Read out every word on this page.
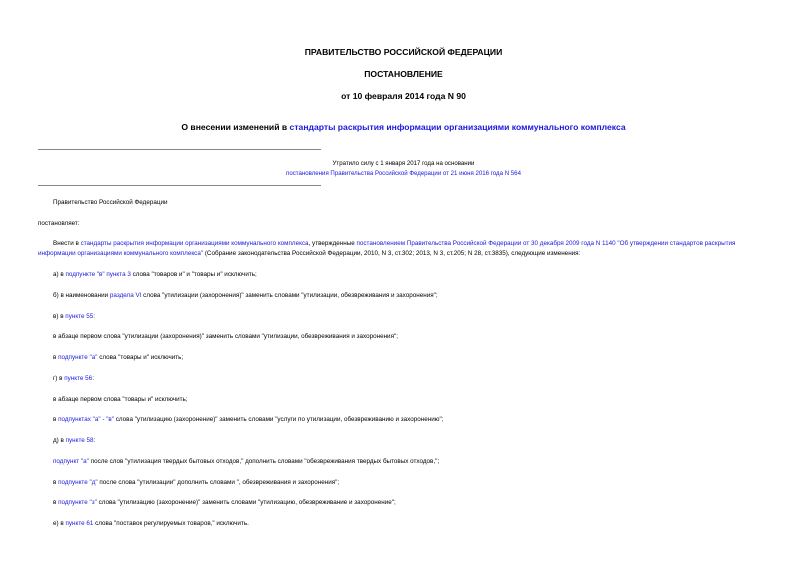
ПРАВИТЕЛЬСТВО РОССИЙСКОЙ ФЕДЕРАЦИИ
ПОСТАНОВЛЕНИЕ
от 10 февраля 2014 года N 90
О внесении изменений в стандарты раскрытия информации организациями коммунального комплекса
Утратило силу с 1 января 2017 года на основании
постановления Правительства Российской Федерации от 21 июня 2016 года N 564
Правительство Российской Федерации
постановляет:
Внести в стандарты раскрытия информации организациями коммунального комплекса, утвержденные постановлением Правительства Российской Федерации от 30 декабря 2009 года N 1140 "Об утверждении стандартов раскрытия информации организациями коммунального комплекса" (Собрание законодательства Российской Федерации, 2010, N 3, ст.302; 2013, N 3, ст.205; N 28, ст.3835), следующие изменения:
а) в подпункте "в" пункта 3 слова "товаров и" и "товары и" исключить;
б) в наименовании раздела VI слова "утилизации (захоронения)" заменить словами "утилизации, обезвреживания и захоронения";
в) в пункте 55:
в абзаце первом слова "утилизации (захоронения)" заменить словами "утилизации, обезвреживания и захоронения";
в подпункте "а" слова "товары и" исключить;
г) в пункте 56:
в абзаце первом слова "товары и" исключить;
в подпунктах "а" - "в" слова "утилизацию (захоронение)" заменить словами "услуги по утилизации, обезвреживанию и захоронению";
д) в пункте 58:
подпункт "а" после слов "утилизация твердых бытовых отходов," дополнить словами "обезвреживания твердых бытовых отходов,";
в подпункте "д" после слова "утилизации" дополнить словами ", обезвреживания и захоронения";
в подпункте "з" слова "утилизацию (захоронение)" заменить словами "утилизацию, обезвреживание и захоронение";
е) в пункте 61 слова "поставок регулируемых товаров," исключить.
